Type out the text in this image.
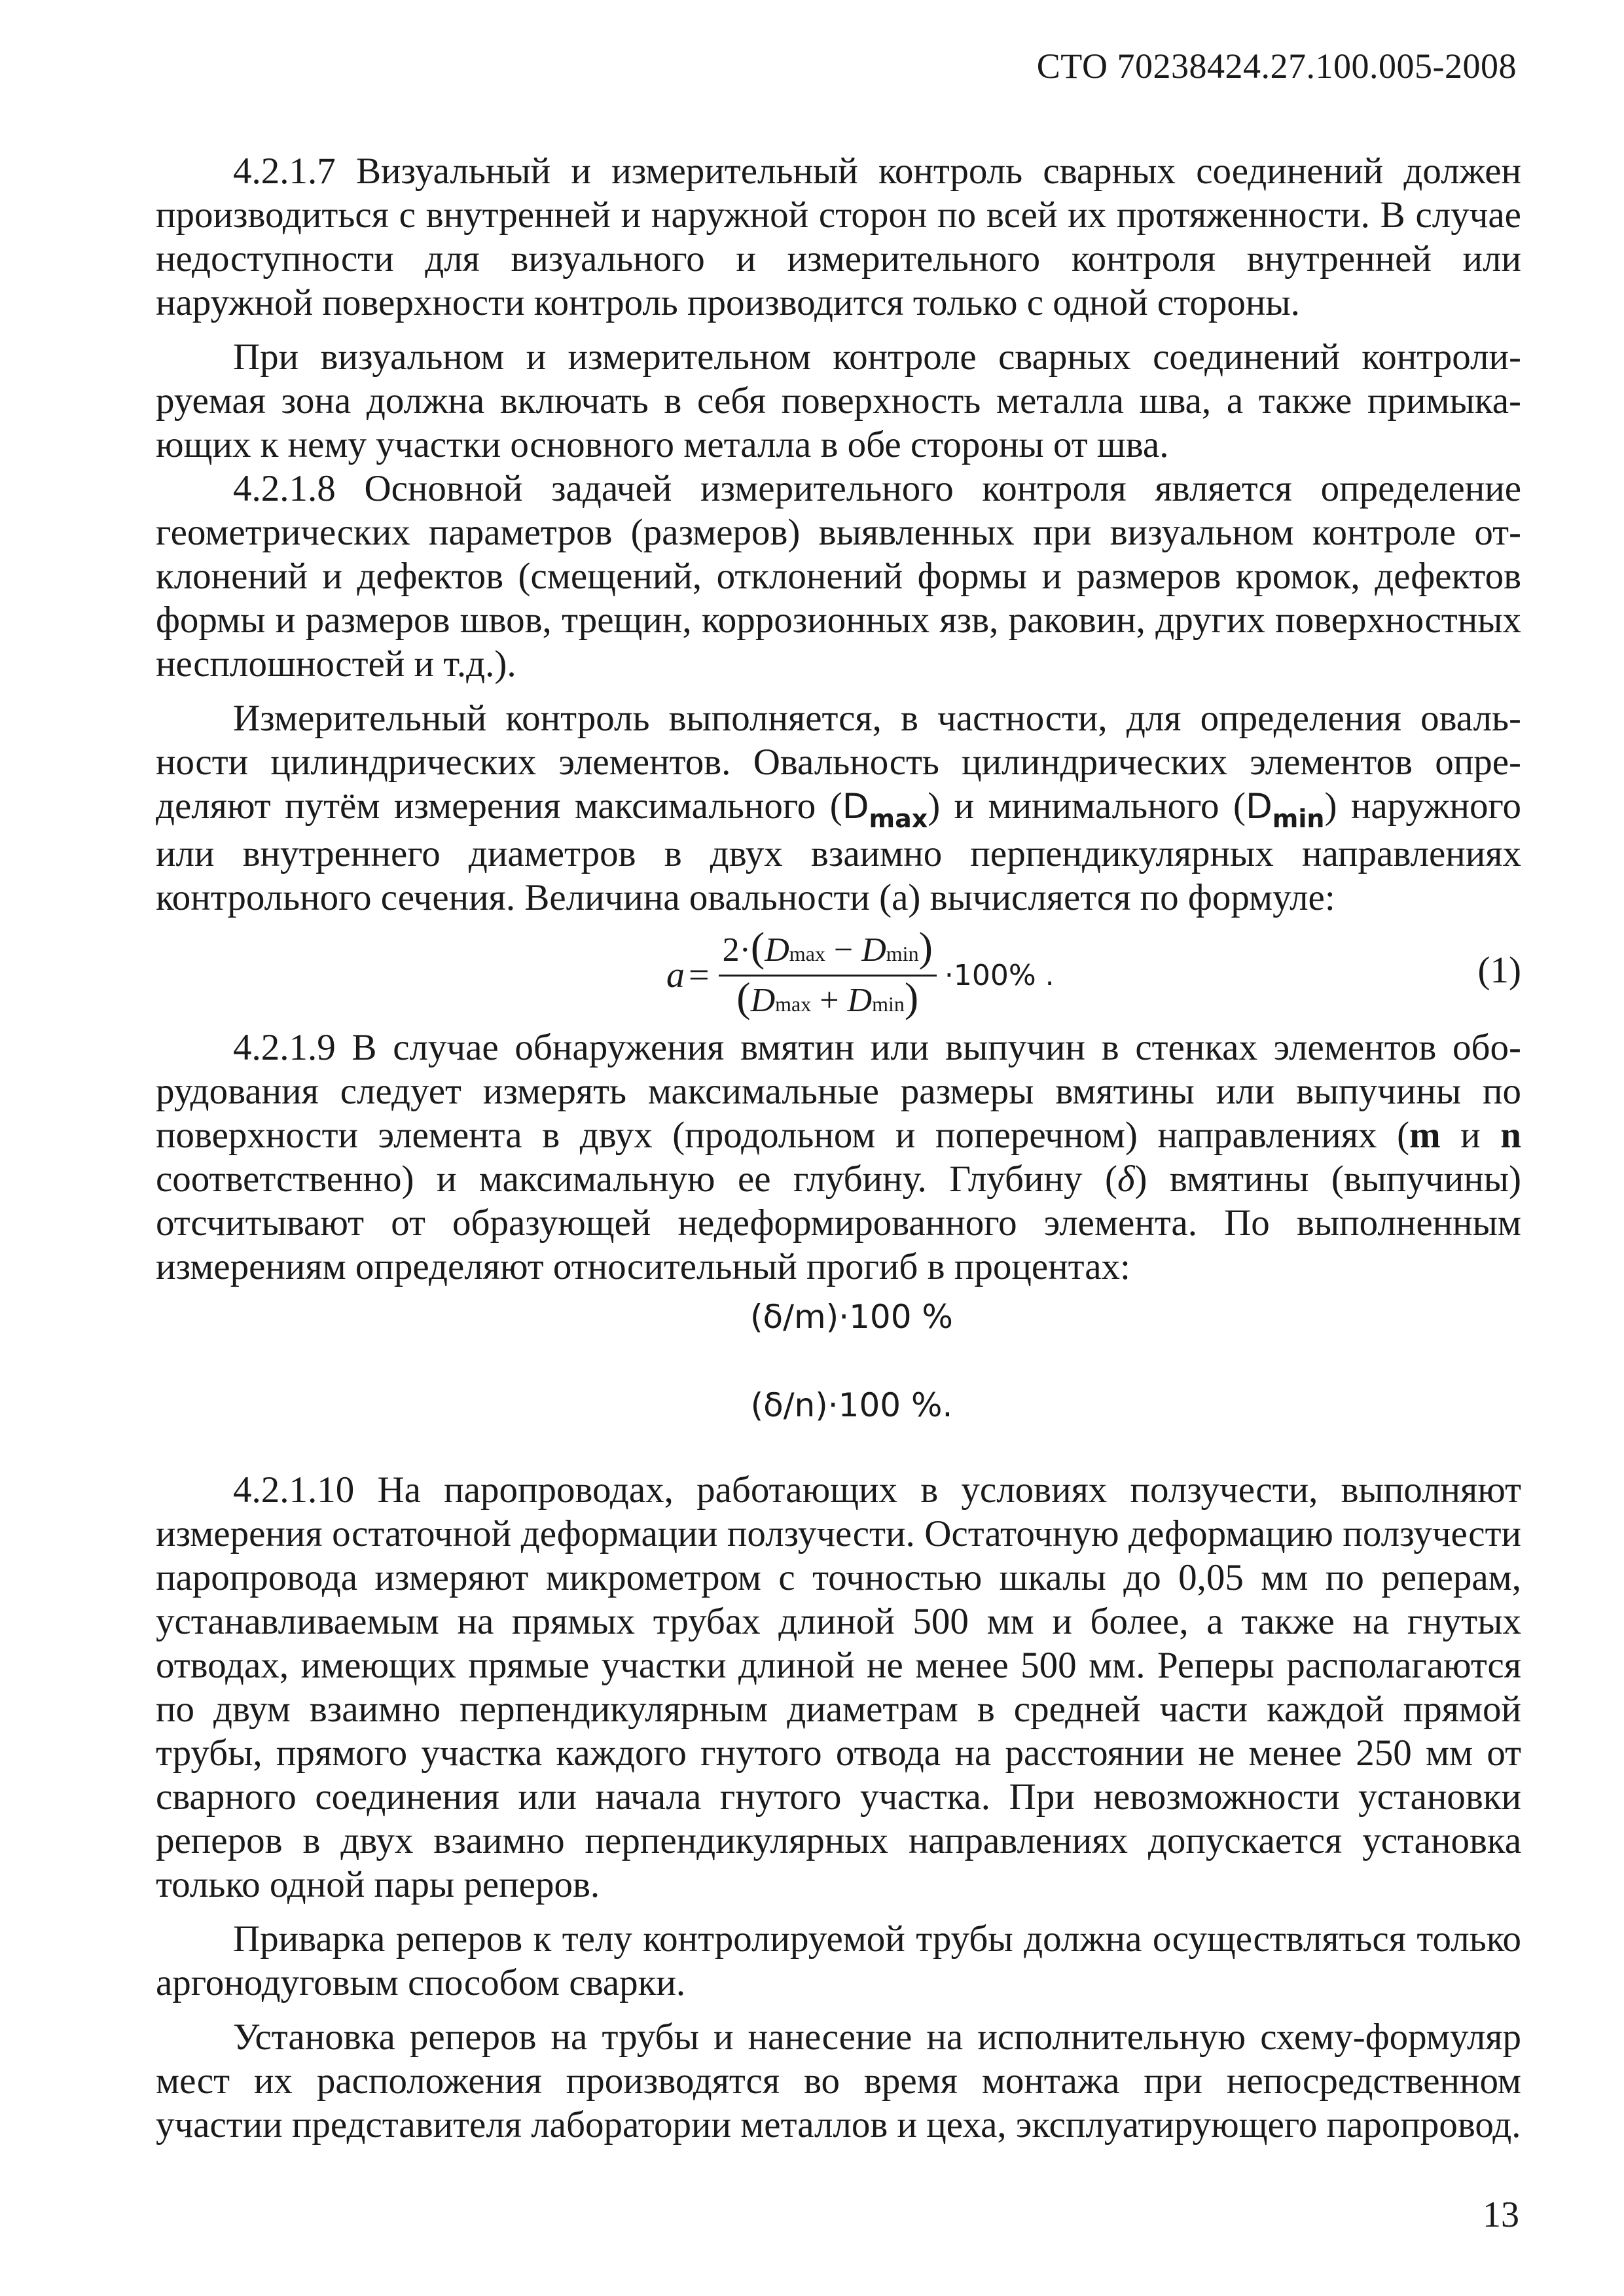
СТО 70238424.27.100.005-2008

4.2.1.7 Визуальный и измерительный контроль сварных соединений должен производиться с внутренней и наружной сторон по всей их протяженности. В случае недоступности для визуального и измерительного контроля внутренней или наружной поверхности контроль производится только с одной стороны.

При визуальном и измерительном контроле сварных соединений контролируемая зона должна включать в себя поверхность металла шва, а также примыкающих к нему участки основного металла в обе стороны от шва.

4.2.1.8 Основной задачей измерительного контроля является определение геометрических параметров (размеров) выявленных при визуальном контроле отклонений и дефектов (смещений, отклонений формы и размеров кромок, дефектов формы и размеров швов, трещин, коррозионных язв, раковин, других поверхностных несплошностей и т.д.).

Измерительный контроль выполняется, в частности, для определения овальности цилиндрических элементов. Овальность цилиндрических элементов определяют путём измерения максимального $(D_{max})$ и минимального $(D_{min})$ наружного или внутреннего диаметров в двух взаимно перпендикулярных направлениях контрольного сечения. Величина овальности (а) вычисляется по формуле:

$a = \frac{2\cdot(Dmax - Dmin)}{(Dmax + Dmin)} \cdot 100\%$ .	(1)

4.2.1.9 В случае обнаружения вмятин или выпучин в стенках элементов оборудования следует измерять максимальные размеры вмятины или выпучины по поверхности элемента в двух (продольном и поперечном) направлениях (m и n соответственно) и максимальную ее глубину. Глубину (δ) вмятины (выпучины) отсчитывают от образующей недеформированного элемента. По выполненным измерениям определяют относительный прогиб в процентах:

(δ/m)·100 %
(δ/n)·100 %.

4.2.1.10 На паропроводах, работающих в условиях ползучести, выполняют измерения остаточной деформации ползучести. Остаточную деформацию ползучести паропровода измеряют микрометром с точностью шкалы до 0,05 мм по реперам, устанавливаемым на прямых трубах длиной 500 мм и более, а также на гнутых отводах, имеющих прямые участки длиной не менее 500 мм. Реперы располагаются по двум взаимно перпендикулярным диаметрам в средней части каждой прямой трубы, прямого участка каждого гнутого отвода на расстоянии не менее 250 мм от сварного соединения или начала гнутого участка. При невозможности установки реперов в двух взаимно перпендикулярных направлениях допускается установка только одной пары реперов.

Приварка реперов к телу контролируемой трубы должна осуществляться только аргонодуговым способом сварки.

Установка реперов на трубы и нанесение на исполнительную схему-формуляр мест их расположения производятся во время монтажа при непосредственном участии представителя лаборатории металлов и цеха, эксплуатирующего паропровод.

13
